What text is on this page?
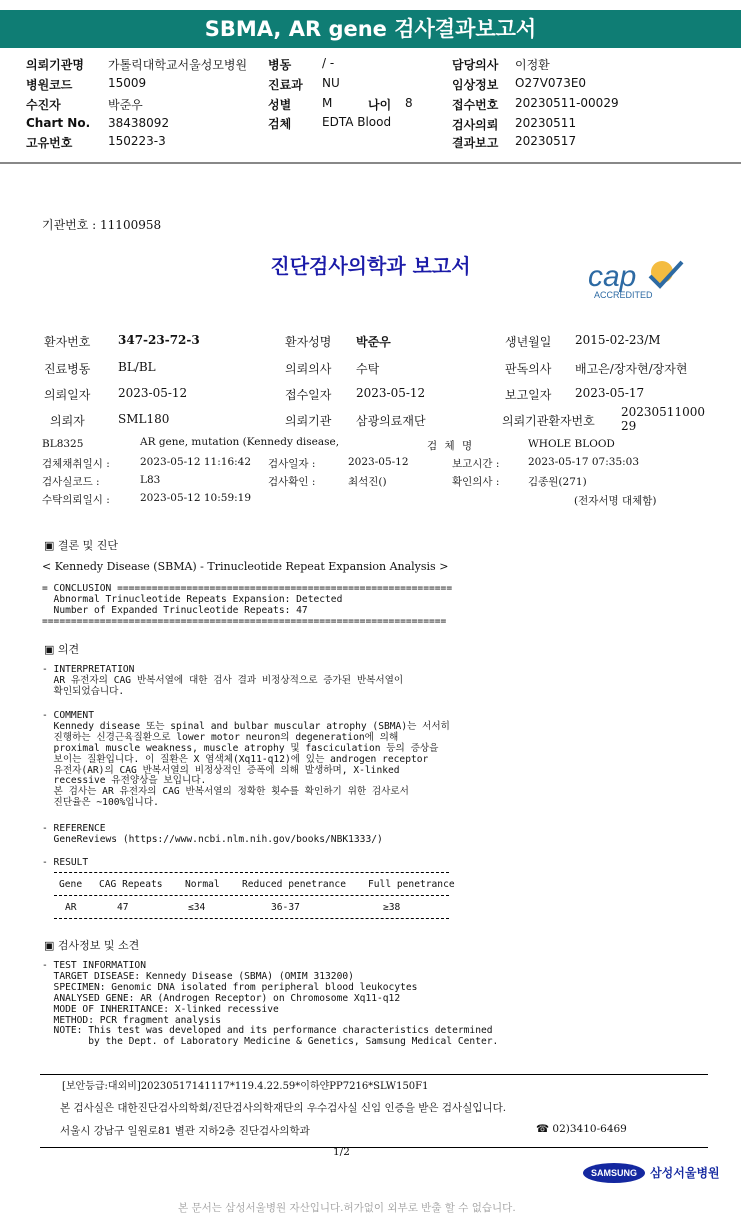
SBMA, AR gene 검사결과보고서
의뢰기관명 가톨릭대학교서울성모병원
병원코드	15009
수진자	박준우
Chart No. 38438092
고유번호	150223-3
병동	/ -
진료과 NU
성별	M	나이 8
검체	EDTA Blood
담당의사 이정환
임상정보 O27V073E0
접수번호 20230511-00029
검사의뢰 20230511
결과보고 20230517
기관번호 : 11100958
진단검사의학과 보고서	cap
ACCREDITED
환자번호 347-23-72-3	환자성명 박준우	생년월일 2015-02-23/M
진료병동 BL/BL	의뢰의사 수탁	판독의사 배고은/장자현/장자현
의뢰일자 2023-05-12	접수일자 2023-05-12	보고일자 2023-05-17
의뢰자	SML180	의뢰기관 삼광의료재단	의뢰기관환자번호
2023051100029
BL8325	AR gene, mutation (Kennedy disease,	검 체 명	WHOLE BLOOD
검체채취일시 :	2023-05-12 11:16:42 검사일자 :	2023-05-12	보고시간 :	2023-05-17 07:35:03
검사실코드 :	L83	검사확인 :	최석진()	확인의사 :	김종원(271)
수탁의뢰일시 :	2023-05-12 10:59:19	(전자서명 대체함)
▣ 결론 및 진단
< Kennedy Disease (SBMA) - Trinucleotide Repeat Expansion Analysis >
= CONCLUSION ==========================================================
Abnormal Trinucleotide Repeats Expansion: Detected
Number of Expanded Trinucleotide Repeats: 47
======================================================================
▣ 의견
- INTERPRETATION
AR 유전자의 CAG 반복서열에 대한 검사 결과 비정상적으로 증가된 반복서열이
확인되었습니다.
- COMMENT
Kennedy disease 또는 spinal and bulbar muscular atrophy (SBMA)는 서서히
진행하는 신경근육질환으로 lower motor neuron의 degeneration에 의해
proximal muscle weakness, muscle atrophy 및 fasciculation 등의 증상을
보이는 질환입니다. 이 질환은 X 염색체(Xq11-q12)에 있는 androgen receptor
유전자(AR)의 CAG 반복서열의 비정상적인 증폭에 의해 발생하며, X-linked
recessive 유전양상을 보입니다.
본 검사는 AR 유전자의 CAG 반복서열의 정확한 횟수를 확인하기 위한 검사로서
진단율은 ~100%입니다.
- REFERENCE
GeneReviews (https://www.ncbi.nlm.nih.gov/books/NBK1333/)
- RESULT
Gene CAG Repeats Normal Reduced penetrance Full penetrance
AR	47	≤34	36-37	≥38
▣ 검사정보 및 소견
- TEST INFORMATION
TARGET DISEASE: Kennedy Disease (SBMA) (OMIM 313200)
SPECIMEN: Genomic DNA isolated from peripheral blood leukocytes
ANALYSED GENE: AR (Androgen Receptor) on Chromosome Xq11-q12
MODE OF INHERITANCE: X-linked recessive
METHOD: PCR fragment analysis
NOTE: This test was developed and its performance characteristics determined
by the Dept. of Laboratory Medicine & Genetics, Samsung Medical Center.
[보안등급:대외비]20230517141117*119.4.22.59*이하얀PP7216*SLW150F1
본 검사실은 대한진단검사의학회/진단검사의학재단의 우수검사실 신임 인증을 받은 검사실입니다.
서울시 강남구 일원로81 별관 지하2층 진단검사의학과	☎ 02)3410-6469
1/2
SAMSUNG 삼성서울병원
본 문서는 삼성서울병원 자산입니다.허가없이 외부로 반출 할 수 없습니다.
